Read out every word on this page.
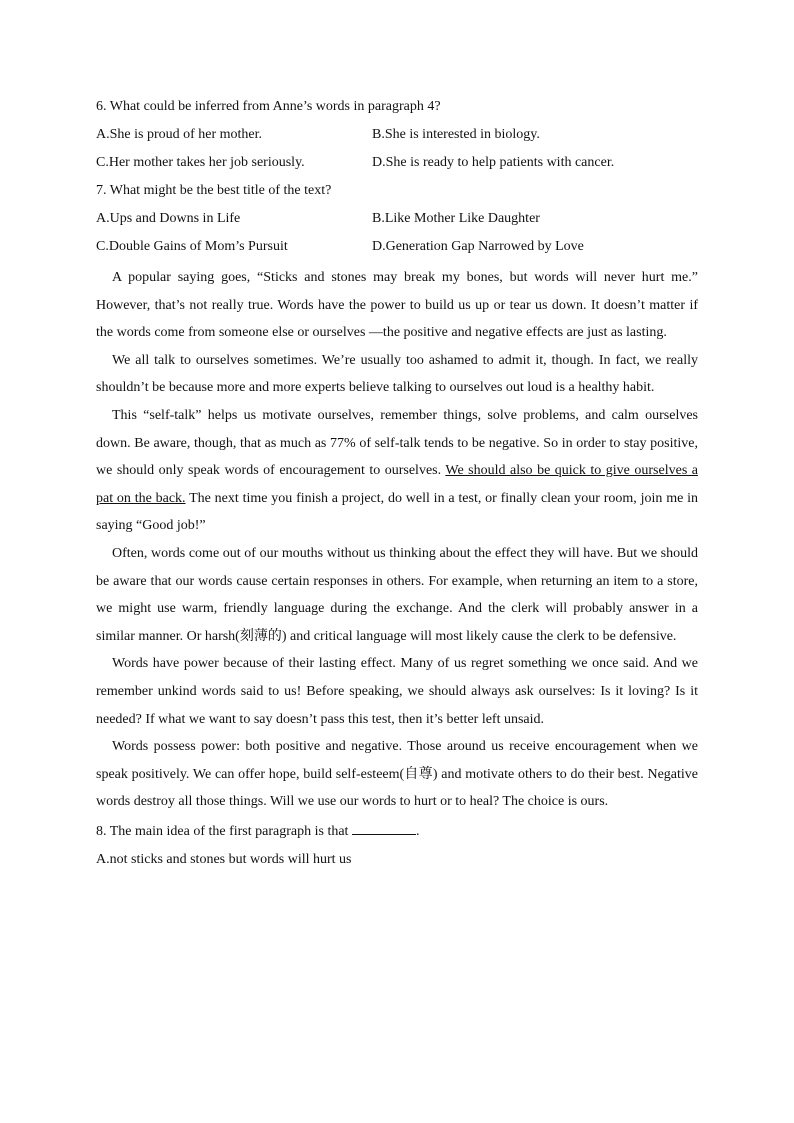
6. What could be inferred from Anne’s words in paragraph 4?
A.She is proud of her mother.	B.She is interested in biology.
C.Her mother takes her job seriously.	D.She is ready to help patients with cancer.
7. What might be the best title of the text?
A.Ups and Downs in Life	B.Like Mother Like Daughter
C.Double Gains of Mom’s Pursuit	D.Generation Gap Narrowed by Love

A popular saying goes, “Sticks and stones may break my bones, but words will never hurt me.” However, that’s not really true. Words have the power to build us up or tear us down. It doesn’t matter if the words come from someone else or ourselves —the positive and negative effects are just as lasting.

We all talk to ourselves sometimes. We’re usually too ashamed to admit it, though. In fact, we really shouldn’t be because more and more experts believe talking to ourselves out loud is a healthy habit.

This “self-talk” helps us motivate ourselves, remember things, solve problems, and calm ourselves down. Be aware, though, that as much as 77% of self-talk tends to be negative. So in order to stay positive, we should only speak words of encouragement to ourselves. We should also be quick to give ourselves a pat on the back. The next time you finish a project, do well in a test, or finally clean your room, join me in saying “Good job!”

Often, words come out of our mouths without us thinking about the effect they will have. But we should be aware that our words cause certain responses in others. For example, when returning an item to a store, we might use warm, friendly language during the exchange. And the clerk will probably answer in a similar manner. Or harsh(刻薄的) and critical language will most likely cause the clerk to be defensive.

Words have power because of their lasting effect. Many of us regret something we once said. And we remember unkind words said to us! Before speaking, we should always ask ourselves: Is it loving? Is it needed? If what we want to say doesn’t pass this test, then it’s better left unsaid.

Words possess power: both positive and negative. Those around us receive encouragement when we speak positively. We can offer hope, build self-esteem(自尊) and motivate others to do their best. Negative words destroy all those things. Will we use our words to hurt or to heal? The choice is ours.

8. The main idea of the first paragraph is that	.
A.not sticks and stones but words will hurt us
